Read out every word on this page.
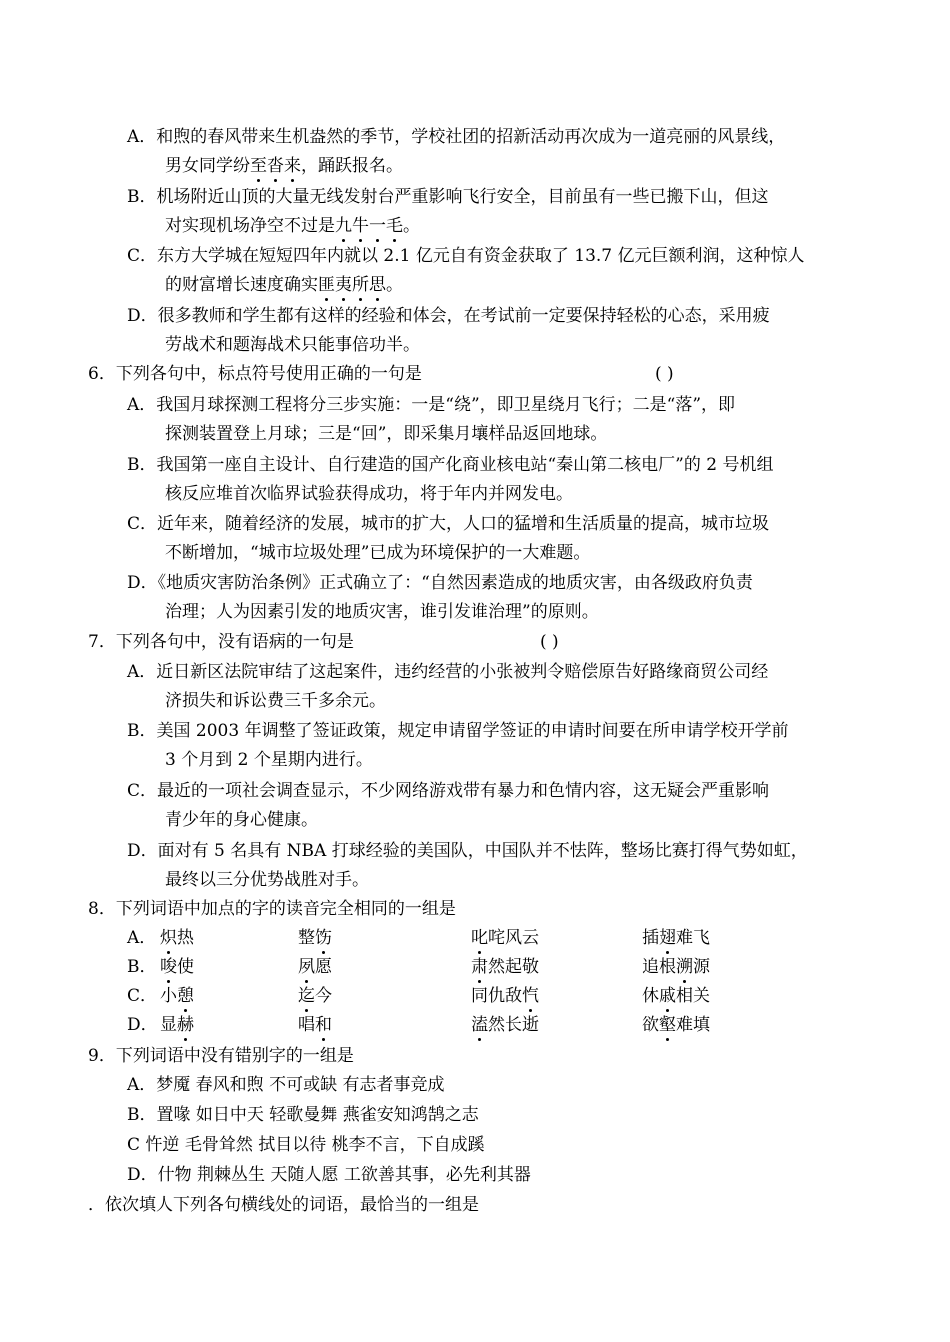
A．和煦的春风带来生机盎然的季节，学校社团的招新活动再次成为一道亮丽的风景线，
男女同学纷至沓来，踊跃报名。
B．机场附近山顶的大量无线发射台严重影响飞行安全，目前虽有一些已搬下山，但这
对实现机场净空不过是九牛一毛。
C．东方大学城在短短四年内就以 2.1 亿元自有资金获取了 13.7 亿元巨额利润，这种惊人
的财富增长速度确实匪夷所思。
D．很多教师和学生都有这样的经验和体会，在考试前一定要保持轻松的心态，采用疲
劳战术和题海战术只能事倍功半。
6．下列各句中，标点符号使用正确的一句是	( )
A．我国月球探测工程将分三步实施：一是“绕”，即卫星绕月飞行；二是“落”，即
探测装置登上月球；三是“回”，即采集月壤样品返回地球。
B．我国第一座自主设计、自行建造的国产化商业核电站“秦山第二核电厂”的 2 号机组
核反应堆首次临界试验获得成功，将于年内并网发电。
C．近年来，随着经济的发展，城市的扩大，人口的猛增和生活质量的提高，城市垃圾
不断增加，“城市垃圾处理”已成为环境保护的一大难题。
D．《地质灾害防治条例》正式确立了：“自然因素造成的地质灾害，由各级政府负责
治理；人为因素引发的地质灾害，谁引发谁治理”的原则。
7．下列各句中，没有语病的一句是	( )
A．近日新区法院审结了这起案件，违约经营的小张被判令赔偿原告好路缘商贸公司经
济损失和诉讼费三千多余元。
B．美国 2003 年调整了签证政策，规定申请留学签证的申请时间要在所申请学校开学前
3 个月到 2 个星期内进行。
C．最近的一项社会调查显示，不少网络游戏带有暴力和色情内容，这无疑会严重影响
青少年的身心健康。
D．面对有 5 名具有 NBA 打球经验的美国队，中国队并不怯阵，整场比赛打得气势如虹，
最终以三分优势战胜对手。
8．下列词语中加点的字的读音完全相同的一组是
A． 炽热	整饬	叱咤风云	插翅难飞
B． 唆使	夙愿	肃然起敬	追根溯源
C． 小憩	迄今	同仇敌忾	休戚相关
D． 显赫	唱和	溘然长逝	欲壑难填
9．下列词语中没有错别字的一组是
A．梦魇 春风和煦 不可或缺 有志者事竞成
B．置喙 如日中天 轻歌曼舞 燕雀安知鸿鹄之志
C 忤逆 毛骨耸然 拭目以待 桃李不言，下自成蹊
D．什物 荆棘丛生 天随人愿 工欲善其事，必先利其器
．依次填人下列各句横线处的词语，最恰当的一组是
